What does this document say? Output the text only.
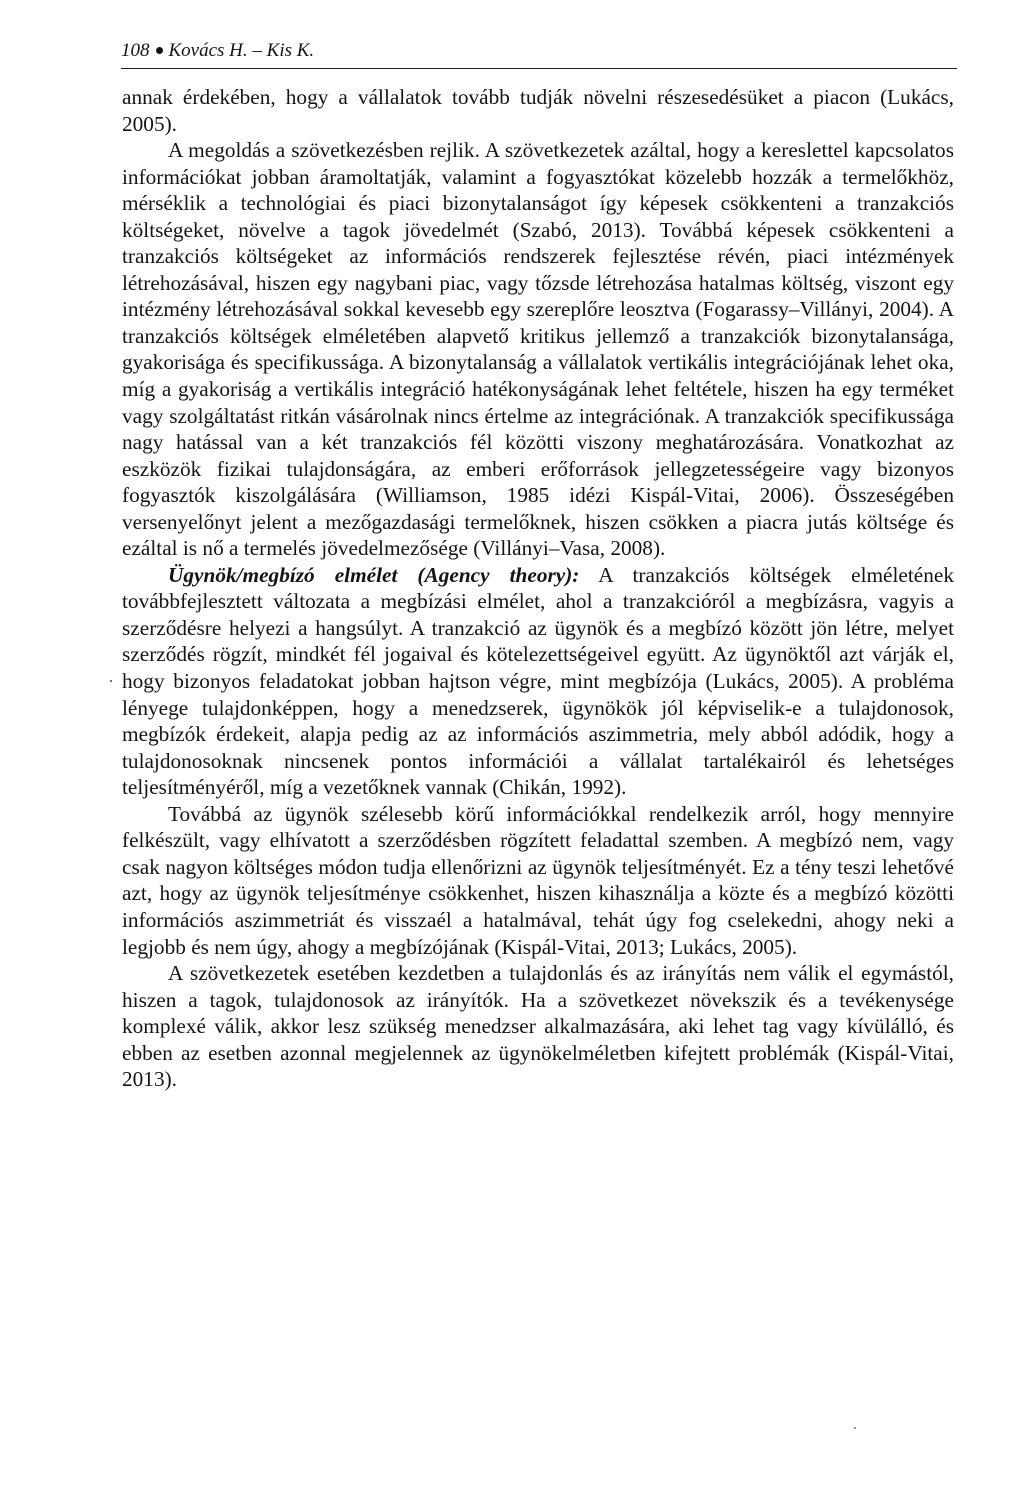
108 Kovács H. – Kis K.

annak érdekében, hogy a vállalatok tovább tudják növelni részesedésüket a piacon (Lukács, 2005).

A megoldás a szövetkezésben rejlik. A szövetkezetek azáltal, hogy a kereslettel kapcsolatos információkat jobban áramoltatják, valamint a fogyasztókat közelebb hozzák a termelőkhöz, mérséklik a technológiai és piaci bizonytalanságot így képesek csökkenteni a tranzakciós költségeket, növelve a tagok jövedelmét (Szabó, 2013). Továbbá képesek csökkenteni a tranzakciós költségeket az információs rendszerek fejlesztése révén, piaci intézmények létrehozásával, hiszen egy nagybani piac, vagy tőzsde létrehozása hatalmas költség, viszont egy intézmény létrehozásával sokkal kevesebb egy szereplőre leosztva (Fogarassy–Villányi, 2004). A tranzakciós költségek elméletében alapvető kritikus jellemző a tranzakciók bizonytalansága, gyakorisága és specifikussága. A bizonytalanság a vállalatok vertikális integrációjának lehet oka, míg a gyakoriság a vertikális integráció hatékonyságának lehet feltétele, hiszen ha egy terméket vagy szolgáltatást ritkán vásárolnak nincs értelme az integrációnak. A tranzakciók specifikussága nagy hatással van a két tranzakciós fél közötti viszony meghatározására. Vonatkozhat az eszközök fizikai tulajdonságára, az emberi erőforrások jellegzetességeire vagy bizonyos fogyasztók kiszolgálására (Williamson, 1985 idézi Kispál-Vitai, 2006). Összeségében versenyelőnyt jelent a mezőgazdasági termelőknek, hiszen csökken a piacra jutás költsége és ezáltal is nő a termelés jövedelmezősége (Villányi–Vasa, 2008).

Ügynök/megbízó elmélet (Agency theory): A tranzakciós költségek elméletének továbbfejlesztett változata a megbízási elmélet, ahol a tranzakcióról a megbízásra, vagyis a szerződésre helyezi a hangsúlyt. A tranzakció az ügynök és a megbízó között jön létre, melyet szerződés rögzít, mindkét fél jogaival és kötelezettségeivel együtt. Az ügynöktől azt várják el, hogy bizonyos feladatokat jobban hajtson végre, mint megbízója (Lukács, 2005). A probléma lényege tulajdonképpen, hogy a menedzserek, ügynökök jól képviselik-e a tulajdonosok, megbízók érdekeit, alapja pedig az az információs aszimmetria, mely abból adódik, hogy a tulajdonosoknak nincsenek pontos információi a vállalat tartalékairól és lehetséges teljesítményéről, míg a vezetőknek vannak (Chikán, 1992).

Továbbá az ügynök szélesebb körű információkkal rendelkezik arról, hogy mennyire felkészült, vagy elhívatott a szerződésben rögzített feladattal szemben. A megbízó nem, vagy csak nagyon költséges módon tudja ellenőrizni az ügynök teljesítményét. Ez a tény teszi lehetővé azt, hogy az ügynök teljesítménye csökkenhet, hiszen kihasználja a közte és a megbízó közötti információs aszimmetriát és visszaél a hatalmával, tehát úgy fog cselekedni, ahogy neki a legjobb és nem úgy, ahogy a megbízójának (Kispál-Vitai, 2013; Lukács, 2005).

A szövetkezetek esetében kezdetben a tulajdonlás és az irányítás nem válik el egymástól, hiszen a tagok, tulajdonosok az irányítók. Ha a szövetkezet növekszik és a tevékenysége komplexé válik, akkor lesz szükség menedzser alkalmazására, aki lehet tag vagy kívülálló, és ebben az esetben azonnal megjelennek az ügynökelméletben kifejtett problémák (Kispál-Vitai, 2013).
